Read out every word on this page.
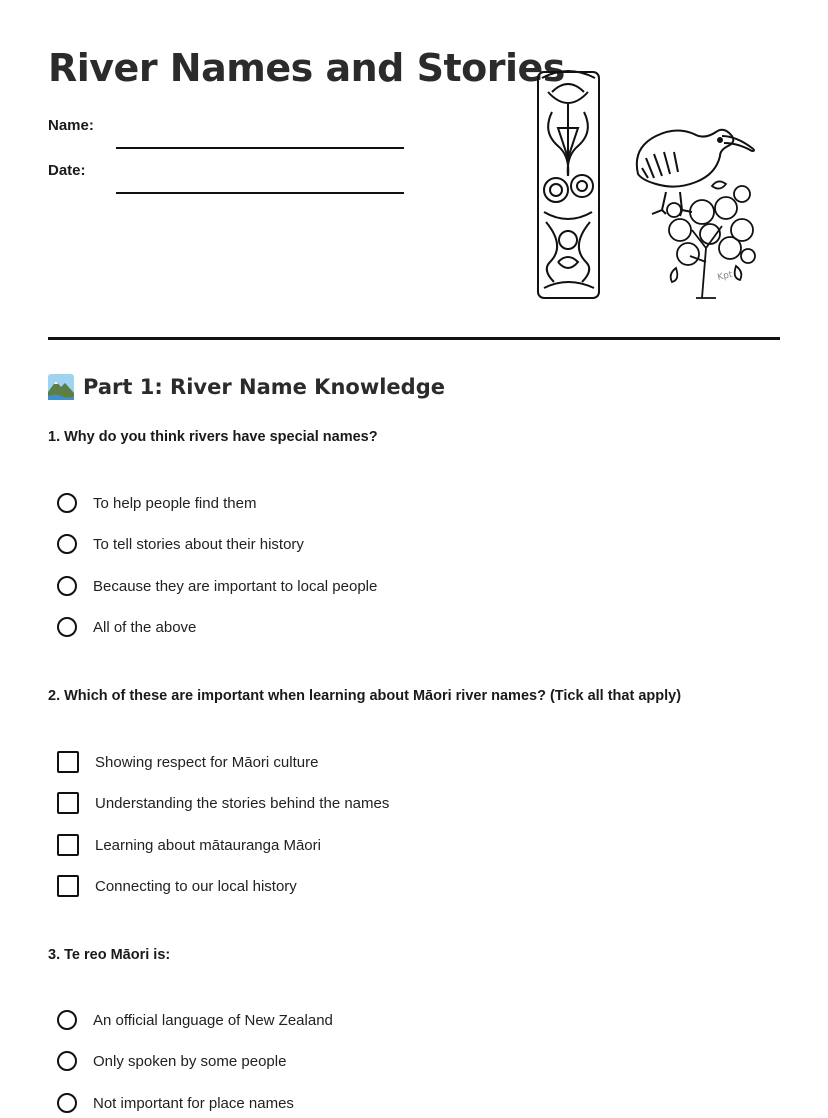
River Names and Stories
Name:
Date:
Kpt
Part 1: River Name Knowledge
1. Why do you think rivers have special names?
To help people find them
To tell stories about their history
Because they are important to local people
All of the above
2. Which of these are important when learning about Māori river names? (Tick all that apply)
Showing respect for Māori culture
Understanding the stories behind the names
Learning about mātauranga Māori
Connecting to our local history
3. Te reo Māori is:
An official language of New Zealand
Only spoken by some people
Not important for place names
